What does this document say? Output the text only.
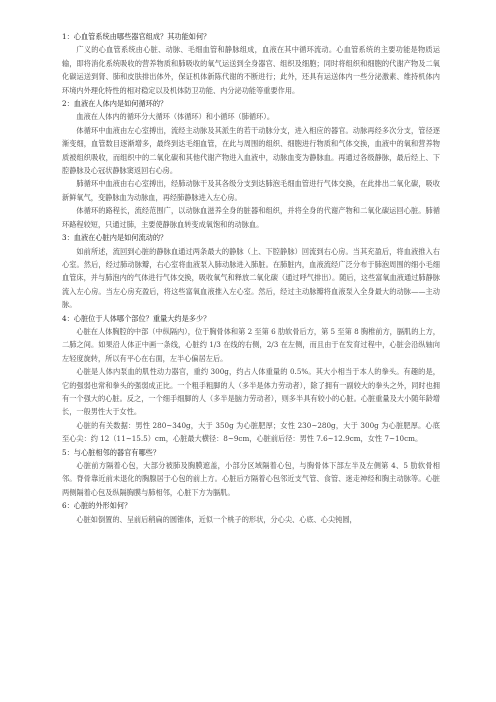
1：心血管系统由哪些器官组成？其功能如何？

广义的心血管系统由心脏、动脉、毛细血管和静脉组成，血液在其中循环流动。心血管系统的主要功能是物质运输，即将消化系统吸收的营养物质和肺吸收的氧气运送到全身器官、组织及细胞；同时将组织和细胞的代谢产物及二氧化碳运送到肾、肺和皮肤排出体外，保证机体新陈代谢的不断进行；此外，还具有运送体内一些分泌激素、维持机体内环境内外理化特性的相对稳定以及机体防卫功能、内分泌功能等重要作用。

2：血液在人体内是如何循环的？

血液在人体内的循环分大循环（体循环）和小循环（肺循环）。

体循环中血液由左心室搏出，流经主动脉及其派生的若干动脉分支，进入相应的器官。动脉再经多次分支，管径逐渐变细，血管数目逐渐增多，最终到达毛细血管，在此与周围的组织、细胞进行物质和气体交换，血液中的氧和营养物质被组织吸收，而组织中的二氧化碳和其他代谢产物进入血液中，动脉血变为静脉血。再通过各级静脉，最后经上、下腔静脉及心冠状静脉窦返回右心房。

肺循环中血液由右心室搏出，经肺动脉干及其各级分支到达肺泡毛细血管进行气体交换，在此排出二氧化碳，吸收新鲜氧气，变静脉血为动脉血，再经肺静脉进入左心房。

体循环的路程长，流经范围广，以动脉血滋养全身的脏器和组织，并将全身的代谢产物和二氧化碳运回心脏。肺循环路程较短，只通过肺，主要使静脉血转变成氧饱和的动脉血。

3：血液在心脏内是如何流动的？

如前所述，流回到心脏的静脉血通过两条最大的静脉（上、下腔静脉）回流到右心房。当其充盈后，将血液推入右心室。然后，经过肺动脉瓣，右心室将血液泵入肺动脉进入肺脏。在肺脏内，血液流经广泛分布于肺泡周围的细小毛细血管床，并与肺泡内的气体进行气体交换，吸收氧气和释放二氧化碳（通过呼气排出）。随后，这些富氧血液通过肺静脉流入左心房。当左心房充盈后，将这些富氧血液推入左心室。然后，经过主动脉瓣将血液泵入全身最大的动脉——主动脉。

4：心脏位于人体哪个部位？重量大约是多少？

心脏在人体胸腔的中部（中纵隔内），位于胸骨体和第 2 至第 6 肋软骨后方，第 5 至第 8 胸椎前方，膈肌的上方，二肺之间。如果沿人体正中画一条线，心脏约 1/3 在线的右侧，2/3 在左侧，而且由于在发育过程中，心脏会沿纵轴向左轻度旋转，所以有平心在右面，左半心偏居左后。

心脏是人体内泵血的肌性动力器官，重约 300g，约占人体重量的 0.5%。其大小相当于本人的拳头。有趣的是，它的强弱也常和拳头的强弱成正比。一个粗手粗脚的人（多半是体力劳动者），除了拥有一副较大的拳头之外，同时也拥有一个强大的心脏。反之，一个细手细脚的人（多半是脑力劳动者），则多半具有较小的心脏。心脏重量及大小随年龄增长，一般男性大于女性。

心脏的有关数据：男性 280~340g，大于 350g 为心脏肥厚；女性 230~280g，大于 300g 为心脏肥厚。心底至心尖：约 12（11~15.5）cm，心脏最大横径：8~9cm，心脏前后径：男性 7.6~12.9cm，女性 7~10cm。

5：与心脏相邻的器官有哪些？

心脏前方隔着心包，大部分被肺及胸膜遮盖，小部分区域隔着心包，与胸骨体下部左半及左侧第 4、5 肋软骨相邻。脊骨靠近前未退化的胸腺居于心包的前上方。心脏后方隔着心包邻近支气管、食管、迷走神经和胸主动脉等。心脏两侧隔着心包及纵隔胸膜与肺相邻，心脏下方为膈肌。

6：心脏的外形如何？

心脏如倒置的、呈前后稍扁的圆锥体，近似一个桃子的形状，分心尖、心底、心尖钝圆，
